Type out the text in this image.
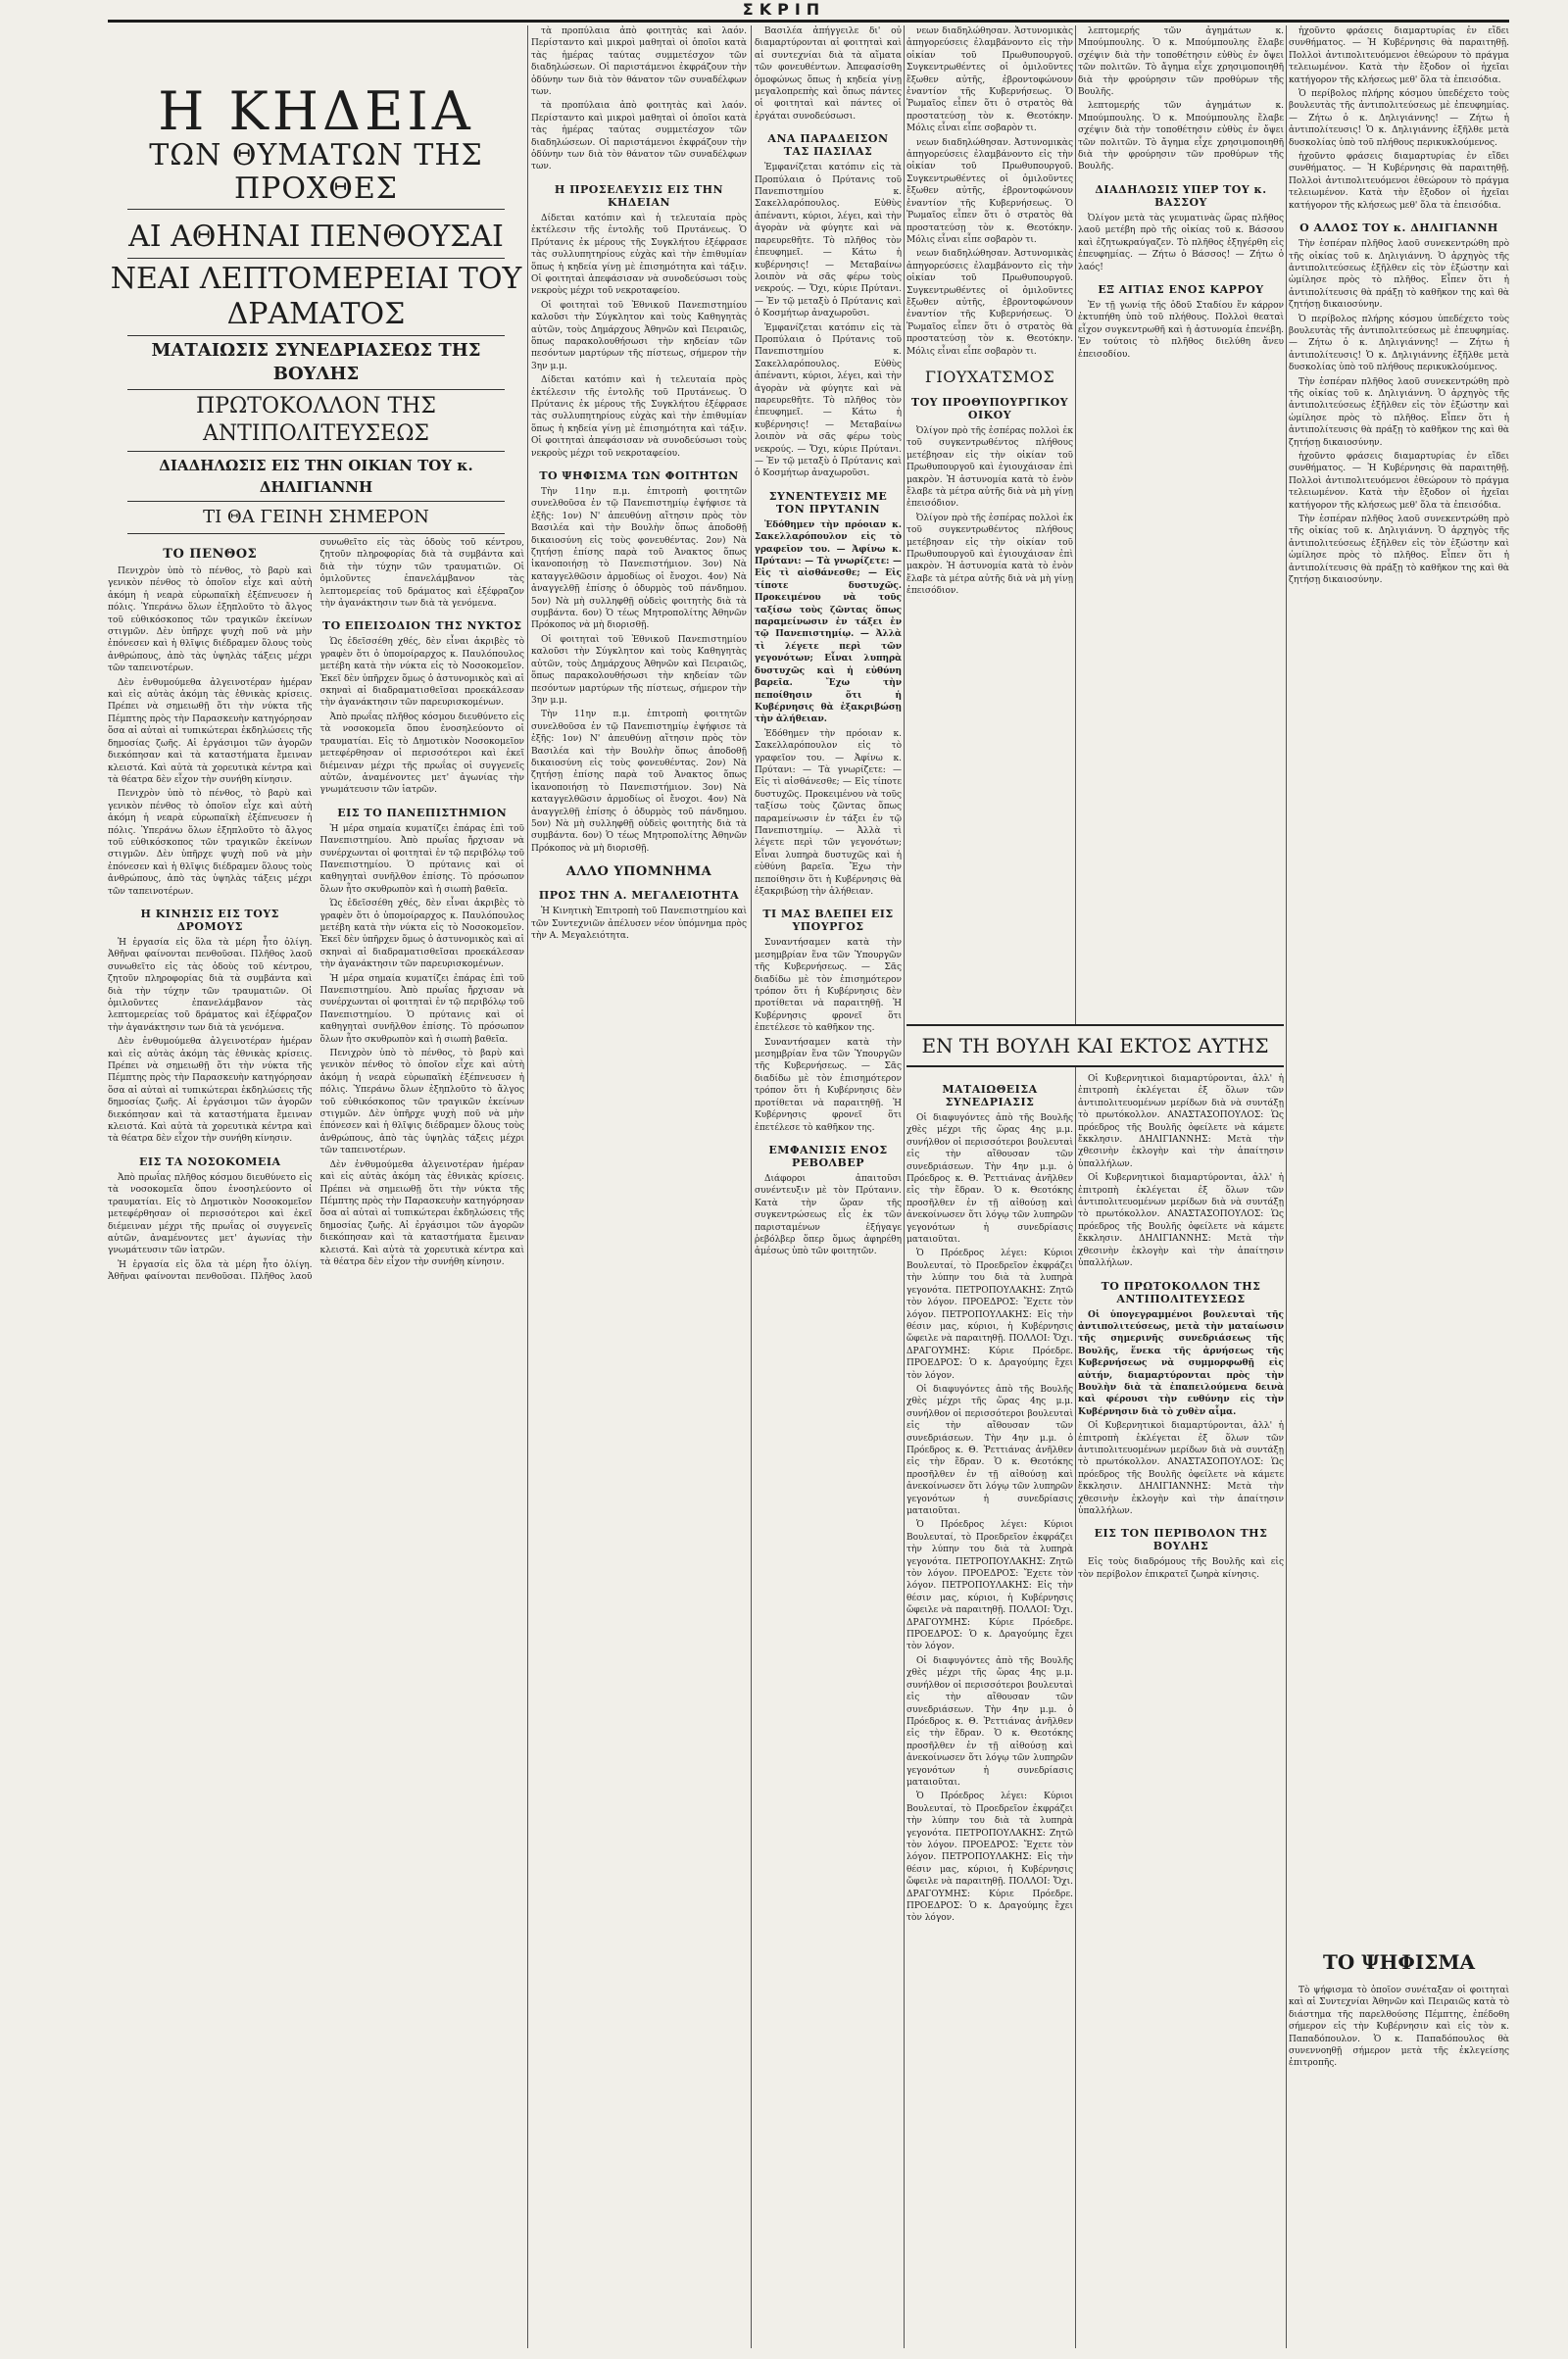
ΣΚΡΙΠ
Η ΚΗΔΕΙΑ
ΤΩΝ ΘΥΜΑΤΩΝ ΤΗΣ ΠΡΟΧΘΕΣ
ΑΙ ΑΘΗΝΑΙ ΠΕΝΘΟΥΣΑΙ
ΝΕΑΙ ΛΕΠΤΟΜΕΡΕΙΑΙ ΤΟΥ ΔΡΑΜΑΤΟΣ
ΜΑΤΑΙΩΣΙΣ ΣΥΝΕΔΡΙΑΣΕΩΣ ΤΗΣ ΒΟΥΛΗΣ
ΠΡΩΤΟΚΟΛΛΟΝ ΤΗΣ ΑΝΤΙΠΟΛΙΤΕΥΣΕΩΣ
ΔΙΑΔΗΛΩΣΙΣ ΕΙΣ ΤΗΝ ΟΙΚΙΑΝ ΤΟΥ κ. ΔΗΛΙΓΙΑΝΝΗ
ΤΙ ΘΑ ΓΕΙΝΗ ΣΗΜΕΡΟΝ
ΤΟ ΠΕΝΘΟΣ

Πενιχρὸν ὑπὸ τὸ πένθος, τὸ βαρὺ καὶ γενικὸν πένθος τὸ ὁποῖον εἶχε καὶ αὐτὴ ἀκόμη ἡ νεαρὰ εὐρωπαϊκὴ ἐξέπνευσεν ἡ πόλις. Ὑπεράνω ὅλων ἐξηπλοῦτο τὸ ἄλγος τοῦ εὐθικόσκοπος τῶν τραγικῶν ἐκείνων στιγμῶν. Δὲν ὑπῆρχε ψυχὴ ποῦ νὰ μὴν ἐπόνεσεν καὶ ἡ θλῖψις διέδραμεν ὅλους τοὺς ἀνθρώπους, ἀπὸ τὰς ὑψηλὰς τάξεις μέχρι τῶν ταπεινοτέρων.

Δὲν ἐνθυμούμεθα ἀλγεινοτέραν ἡμέραν καὶ εἰς αὐτὰς ἀκόμη τὰς ἐθνικὰς κρίσεις. Πρέπει νὰ σημειωθῇ ὅτι τὴν νύκτα τῆς Πέμπτης πρὸς τὴν Παρασκευὴν κατηγόρησαν ὅσα αἱ αὐταὶ αἱ τυπικώτεραι ἐκδηλώσεις τῆς δημοσίας ζωῆς. Αἱ ἐργάσιμοι τῶν ἀγορῶν διεκόπησαν καὶ τὰ καταστήματα ἔμειναν κλειστά. Καὶ αὐτὰ τὰ χορευτικὰ κέντρα καὶ τὰ θέατρα δὲν εἶχον τὴν συνήθη κίνησιν.

Πενιχρὸν ὑπὸ τὸ πένθος, τὸ βαρὺ καὶ γενικὸν πένθος τὸ ὁποῖον εἶχε καὶ αὐτὴ ἀκόμη ἡ νεαρὰ εὐρωπαϊκὴ ἐξέπνευσεν ἡ πόλις. Ὑπεράνω ὅλων ἐξηπλοῦτο τὸ ἄλγος τοῦ εὐθικόσκοπος τῶν τραγικῶν ἐκείνων στιγμῶν. Δὲν ὑπῆρχε ψυχὴ ποῦ νὰ μὴν ἐπόνεσεν καὶ ἡ θλῖψις διέδραμεν ὅλους τοὺς ἀνθρώπους, ἀπὸ τὰς ὑψηλὰς τάξεις μέχρι τῶν ταπεινοτέρων.

Η ΚΙΝΗΣΙΣ ΕΙΣ ΤΟΥΣ ΔΡΟΜΟΥΣ

Ἡ ἐργασία εἰς ὅλα τὰ μέρη ἦτο ὀλίγη. Ἀθῆναι φαίνονται πενθοῦσαι. Πλῆθος λαοῦ συνωθεῖτο εἰς τὰς ὁδοὺς τοῦ κέντρου, ζητοῦν πληροφορίας διὰ τὰ συμβάντα καὶ διὰ τὴν τύχην τῶν τραυματιῶν. Οἱ ὁμιλοῦντες ἐπανελάμβανον τὰς λεπτομερείας τοῦ δράματος καὶ ἐξέφραζον τὴν ἀγανάκτησιν των διὰ τὰ γενόμενα.

Δὲν ἐνθυμούμεθα ἀλγεινοτέραν ἡμέραν καὶ εἰς αὐτὰς ἀκόμη τὰς ἐθνικὰς κρίσεις. Πρέπει νὰ σημειωθῇ ὅτι τὴν νύκτα τῆς Πέμπτης πρὸς τὴν Παρασκευὴν κατηγόρησαν ὅσα αἱ αὐταὶ αἱ τυπικώτεραι ἐκδηλώσεις τῆς δημοσίας ζωῆς. Αἱ ἐργάσιμοι τῶν ἀγορῶν διεκόπησαν καὶ τὰ καταστήματα ἔμειναν κλειστά. Καὶ αὐτὰ τὰ χορευτικὰ κέντρα καὶ τὰ θέατρα δὲν εἶχον τὴν συνήθη κίνησιν.

ΕΙΣ ΤΑ ΝΟΣΟΚΟΜΕΙΑ

Ἀπὸ πρωΐας πλῆθος κόσμου διευθύνετο εἰς τὰ νοσοκομεῖα ὅπου ἐνοσηλεύοντο οἱ τραυματίαι. Εἰς τὸ Δημοτικὸν Νοσοκομεῖον μετεφέρθησαν οἱ περισσότεροι καὶ ἐκεῖ διέμειναν μέχρι τῆς πρωΐας οἱ συγγενεῖς αὐτῶν, ἀναμένοντες μετ' ἀγωνίας τὴν γνωμάτευσιν τῶν ἰατρῶν.

Ἡ ἐργασία εἰς ὅλα τὰ μέρη ἦτο ὀλίγη. Ἀθῆναι φαίνονται πενθοῦσαι. Πλῆθος λαοῦ συνωθεῖτο εἰς τὰς ὁδοὺς τοῦ κέντρου, ζητοῦν πληροφορίας διὰ τὰ συμβάντα καὶ διὰ τὴν τύχην τῶν τραυματιῶν. Οἱ ὁμιλοῦντες ἐπανελάμβανον τὰς λεπτομερείας τοῦ δράματος καὶ ἐξέφραζον τὴν ἀγανάκτησιν των διὰ τὰ γενόμενα.

ΤΟ ΕΠΕΙΣΟΔΙΟΝ ΤΗΣ ΝΥΚΤΟΣ

Ὡς ἐδεῖσσέθη χθές, δὲν εἶναι ἀκριβὲς τὸ γραφὲν ὅτι ὁ ὑπομοίραρχος κ. Παυλόπουλος μετέβη κατὰ τὴν νύκτα εἰς τὸ Νοσοκομεῖον. Ἐκεῖ δὲν ὑπῆρχεν ὅμως ὁ ἀστυνομικὸς καὶ αἱ σκηναὶ αἱ διαδραματισθεῖσαι προεκάλεσαν τὴν ἀγανάκτησιν τῶν παρευρισκομένων.

Ἀπὸ πρωΐας πλῆθος κόσμου διευθύνετο εἰς τὰ νοσοκομεῖα ὅπου ἐνοσηλεύοντο οἱ τραυματίαι. Εἰς τὸ Δημοτικὸν Νοσοκομεῖον μετεφέρθησαν οἱ περισσότεροι καὶ ἐκεῖ διέμειναν μέχρι τῆς πρωΐας οἱ συγγενεῖς αὐτῶν, ἀναμένοντες μετ' ἀγωνίας τὴν γνωμάτευσιν τῶν ἰατρῶν.

ΕΙΣ ΤΟ ΠΑΝΕΠΙΣΤΗΜΙΟΝ

Ἡ μέρα σημαία κυματίζει ἐπάρας ἐπὶ τοῦ Πανεπιστημίου. Ἀπὸ πρωΐας ἤρχισαν νὰ συνέρχωνται οἱ φοιτηταὶ ἐν τῷ περιβόλῳ τοῦ Πανεπιστημίου. Ὁ πρύτανις καὶ οἱ καθηγηταὶ συνῆλθον ἐπίσης. Τὸ πρόσωπον ὅλων ἦτο σκυθρωπὸν καὶ ἡ σιωπὴ βαθεῖα.

Ὡς ἐδεῖσσέθη χθές, δὲν εἶναι ἀκριβὲς τὸ γραφὲν ὅτι ὁ ὑπομοίραρχος κ. Παυλόπουλος μετέβη κατὰ τὴν νύκτα εἰς τὸ Νοσοκομεῖον. Ἐκεῖ δὲν ὑπῆρχεν ὅμως ὁ ἀστυνομικὸς καὶ αἱ σκηναὶ αἱ διαδραματισθεῖσαι προεκάλεσαν τὴν ἀγανάκτησιν τῶν παρευρισκομένων.

Ἡ μέρα σημαία κυματίζει ἐπάρας ἐπὶ τοῦ Πανεπιστημίου. Ἀπὸ πρωΐας ἤρχισαν νὰ συνέρχωνται οἱ φοιτηταὶ ἐν τῷ περιβόλῳ τοῦ Πανεπιστημίου. Ὁ πρύτανις καὶ οἱ καθηγηταὶ συνῆλθον ἐπίσης. Τὸ πρόσωπον ὅλων ἦτο σκυθρωπὸν καὶ ἡ σιωπὴ βαθεῖα.

Πενιχρὸν ὑπὸ τὸ πένθος, τὸ βαρὺ καὶ γενικὸν πένθος τὸ ὁποῖον εἶχε καὶ αὐτὴ ἀκόμη ἡ νεαρὰ εὐρωπαϊκὴ ἐξέπνευσεν ἡ πόλις. Ὑπεράνω ὅλων ἐξηπλοῦτο τὸ ἄλγος τοῦ εὐθικόσκοπος τῶν τραγικῶν ἐκείνων στιγμῶν. Δὲν ὑπῆρχε ψυχὴ ποῦ νὰ μὴν ἐπόνεσεν καὶ ἡ θλῖψις διέδραμεν ὅλους τοὺς ἀνθρώπους, ἀπὸ τὰς ὑψηλὰς τάξεις μέχρι τῶν ταπεινοτέρων.

Δὲν ἐνθυμούμεθα ἀλγεινοτέραν ἡμέραν καὶ εἰς αὐτὰς ἀκόμη τὰς ἐθνικὰς κρίσεις. Πρέπει νὰ σημειωθῇ ὅτι τὴν νύκτα τῆς Πέμπτης πρὸς τὴν Παρασκευὴν κατηγόρησαν ὅσα αἱ αὐταὶ αἱ τυπικώτεραι ἐκδηλώσεις τῆς δημοσίας ζωῆς. Αἱ ἐργάσιμοι τῶν ἀγορῶν διεκόπησαν καὶ τὰ καταστήματα ἔμειναν κλειστά. Καὶ αὐτὰ τὰ χορευτικὰ κέντρα καὶ τὰ θέατρα δὲν εἶχον τὴν συνήθη κίνησιν.

τὰ προπύλαια ἀπὸ φοιτητὰς καὶ λαόν. Περίσταντο καὶ μικροὶ μαθηταὶ οἱ ὁποῖοι κατὰ τὰς ἡμέρας ταύτας συμμετέσχον τῶν διαδηλώσεων. Οἱ παριστάμενοι ἐκφράζουν τὴν ὀδύνην των διὰ τὸν θάνατον τῶν συναδέλφων των.

τὰ προπύλαια ἀπὸ φοιτητὰς καὶ λαόν. Περίσταντο καὶ μικροὶ μαθηταὶ οἱ ὁποῖοι κατὰ τὰς ἡμέρας ταύτας συμμετέσχον τῶν διαδηλώσεων. Οἱ παριστάμενοι ἐκφράζουν τὴν ὀδύνην των διὰ τὸν θάνατον τῶν συναδέλφων των.

Η ΠΡΟΣΕΛΕΥΣΙΣ ΕΙΣ ΤΗΝ ΚΗΔΕΙΑΝ

Δίδεται κατόπιν καὶ ἡ τελευταία πρὸς ἐκτέλεσιν τῆς ἐντολῆς τοῦ Πρυτάνεως. Ὁ Πρύτανις ἐκ μέρους τῆς Συγκλήτου ἐξέφρασε τὰς συλλυπητηρίους εὐχὰς καὶ τὴν ἐπιθυμίαν ὅπως ἡ κηδεία γίνῃ μὲ ἐπισημότητα καὶ τάξιν. Οἱ φοιτηταὶ ἀπεφάσισαν νὰ συνοδεύσωσι τοὺς νεκροὺς μέχρι τοῦ νεκροταφείου.

Οἱ φοιτηταὶ τοῦ Ἐθνικοῦ Πανεπιστημίου καλοῦσι τὴν Σύγκλητον καὶ τοὺς Καθηγητὰς αὐτῶν, τοὺς Δημάρχους Ἀθηνῶν καὶ Πειραιῶς, ὅπως παρακολουθήσωσι τὴν κηδείαν τῶν πεσόντων μαρτύρων τῆς πίστεως, σήμερον τὴν 3ην μ.μ.

Δίδεται κατόπιν καὶ ἡ τελευταία πρὸς ἐκτέλεσιν τῆς ἐντολῆς τοῦ Πρυτάνεως. Ὁ Πρύτανις ἐκ μέρους τῆς Συγκλήτου ἐξέφρασε τὰς συλλυπητηρίους εὐχὰς καὶ τὴν ἐπιθυμίαν ὅπως ἡ κηδεία γίνῃ μὲ ἐπισημότητα καὶ τάξιν. Οἱ φοιτηταὶ ἀπεφάσισαν νὰ συνοδεύσωσι τοὺς νεκροὺς μέχρι τοῦ νεκροταφείου.

ΤΟ ΨΗΦΙΣΜΑ ΤΩΝ ΦΟΙΤΗΤΩΝ

Τὴν 11ην π.μ. ἐπιτροπὴ φοιτητῶν συνελθοῦσα ἐν τῷ Πανεπιστημίῳ ἐψήφισε τὰ ἑξῆς: 1ον) Ν' ἀπευθύνῃ αἴτησιν πρὸς τὸν Βασιλέα καὶ τὴν Βουλὴν ὅπως ἀποδοθῇ δικαιοσύνη εἰς τοὺς φονευθέντας. 2ον) Νὰ ζητήσῃ ἐπίσης παρὰ τοῦ Ἀνακτος ὅπως ἱκανοποιήσῃ τὸ Πανεπιστήμιον. 3ον) Νὰ καταγγελθῶσιν ἀρμοδίως οἱ ἔνοχοι. 4ον) Νὰ ἀναγγελθῇ ἐπίσης ὁ ὁδυρμὸς τοῦ πάνδημου. 5ον) Νὰ μὴ συλληφθῇ οὐδεὶς φοιτητὴς διὰ τὰ συμβάντα. 6ον) Ὁ τέως Μητροπολίτης Ἀθηνῶν Πρόκοπος νὰ μὴ διορισθῇ.

Οἱ φοιτηταὶ τοῦ Ἐθνικοῦ Πανεπιστημίου καλοῦσι τὴν Σύγκλητον καὶ τοὺς Καθηγητὰς αὐτῶν, τοὺς Δημάρχους Ἀθηνῶν καὶ Πειραιῶς, ὅπως παρακολουθήσωσι τὴν κηδείαν τῶν πεσόντων μαρτύρων τῆς πίστεως, σήμερον τὴν 3ην μ.μ.

Τὴν 11ην π.μ. ἐπιτροπὴ φοιτητῶν συνελθοῦσα ἐν τῷ Πανεπιστημίῳ ἐψήφισε τὰ ἑξῆς: 1ον) Ν' ἀπευθύνῃ αἴτησιν πρὸς τὸν Βασιλέα καὶ τὴν Βουλὴν ὅπως ἀποδοθῇ δικαιοσύνη εἰς τοὺς φονευθέντας. 2ον) Νὰ ζητήσῃ ἐπίσης παρὰ τοῦ Ἀνακτος ὅπως ἱκανοποιήσῃ τὸ Πανεπιστήμιον. 3ον) Νὰ καταγγελθῶσιν ἀρμοδίως οἱ ἔνοχοι. 4ον) Νὰ ἀναγγελθῇ ἐπίσης ὁ ὁδυρμὸς τοῦ πάνδημου. 5ον) Νὰ μὴ συλληφθῇ οὐδεὶς φοιτητὴς διὰ τὰ συμβάντα. 6ον) Ὁ τέως Μητροπολίτης Ἀθηνῶν Πρόκοπος νὰ μὴ διορισθῇ.

ΑΛΛΟ ΥΠΟΜΝΗΜΑ
ΠΡΟΣ ΤΗΝ Α. ΜΕΓΑΛΕΙΟΤΗΤΑ

Ἡ Κινητικὴ Ἐπιτροπὴ τοῦ Πανεπιστημίου καὶ τῶν Συντεχνιῶν ἀπέλυσεν νέον ὑπόμνημα πρὸς τὴν Α. Μεγαλειότητα.

Βασιλέα ἀπήγγειλε δι' οὐ διαμαρτύρονται αἱ φοιτηταὶ καὶ αἱ συντεχνίαι διὰ τὰ αἵματα τῶν φονευθέντων. Ἀπεφασίσθη ὁμοφώνως ὅπως ἡ κηδεία γίνῃ μεγαλοπρεπὴς καὶ ὅπως πάντες οἱ φοιτηταὶ καὶ πάντες οἱ ἐργάται συνοδεύσωσι.

ΑΝΑ ΠΑΡΑΔΕΙΣΟΝ ΤΑΣ ΠΑΣΙΛΑΣ

Ἐμφανίζεται κατόπιν εἰς τὰ Προπύλαια ὁ Πρύτανις τοῦ Πανεπιστημίου κ. Σακελλαρόπουλος. Εὐθὺς ἀπέναντι, κύριοι, λέγει, καὶ τὴν ἀγορὰν νὰ φύγητε καὶ νὰ παρευρεθῆτε. Τὸ πλῆθος τὸν ἐπευφημεῖ. — Κάτω ἡ κυβέρνησις! — Μεταβαίνω λοιπὸν νὰ σᾶς φέρω τοὺς νεκρούς. — Ὄχι, κύριε Πρύτανι. — Ἐν τῷ μεταξὺ ὁ Πρύτανις καὶ ὁ Κοσμήτωρ ἀναχωροῦσι.

Ἐμφανίζεται κατόπιν εἰς τὰ Προπύλαια ὁ Πρύτανις τοῦ Πανεπιστημίου κ. Σακελλαρόπουλος. Εὐθὺς ἀπέναντι, κύριοι, λέγει, καὶ τὴν ἀγορὰν νὰ φύγητε καὶ νὰ παρευρεθῆτε. Τὸ πλῆθος τὸν ἐπευφημεῖ. — Κάτω ἡ κυβέρνησις! — Μεταβαίνω λοιπὸν νὰ σᾶς φέρω τοὺς νεκρούς. — Ὄχι, κύριε Πρύτανι. — Ἐν τῷ μεταξὺ ὁ Πρύτανις καὶ ὁ Κοσμήτωρ ἀναχωροῦσι.

ΣΥΝΕΝΤΕΥΞΙΣ ΜΕ ΤΟΝ ΠΡΥΤΑΝΙΝ

Ἐδόθημεν τὴν πρόοιαν κ. Σακελλαρόπουλον εἰς τὸ γραφεῖον του. — Ἀφίνω κ. Πρύτανι: — Τὰ γνωρίζετε: — Εἰς τὶ αἰσθάνεσθε; — Εἰς τίποτε δυστυχῶς. Προκειμένου νὰ τοῦς ταξίσω τοὺς ζῶντας ὅπως παραμείνωσιν ἐν τάξει ἐν τῷ Πανεπιστημίῳ. — Ἀλλὰ τὶ λέγετε περὶ τῶν γεγονότων; Εἶναι λυπηρὰ δυστυχῶς καὶ ἡ εὐθύνη βαρεῖα. Ἔχω τὴν πεποίθησιν ὅτι ἡ Κυβέρνησις θὰ ἐξακριβώσῃ τὴν ἀλήθειαν.

Ἐδόθημεν τὴν πρόοιαν κ. Σακελλαρόπουλον εἰς τὸ γραφεῖον του. — Ἀφίνω κ. Πρύτανι: — Τὰ γνωρίζετε: — Εἰς τὶ αἰσθάνεσθε; — Εἰς τίποτε δυστυχῶς. Προκειμένου νὰ τοῦς ταξίσω τοὺς ζῶντας ὅπως παραμείνωσιν ἐν τάξει ἐν τῷ Πανεπιστημίῳ. — Ἀλλὰ τὶ λέγετε περὶ τῶν γεγονότων; Εἶναι λυπηρὰ δυστυχῶς καὶ ἡ εὐθύνη βαρεῖα. Ἔχω τὴν πεποίθησιν ὅτι ἡ Κυβέρνησις θὰ ἐξακριβώσῃ τὴν ἀλήθειαν.

ΤΙ ΜΑΣ ΒΛΕΠΕΙ ΕΙΣ ΥΠΟΥΡΓΟΣ

Συναντήσαμεν κατὰ τὴν μεσημβρίαν ἕνα τῶν Ὑπουργῶν τῆς Κυβερνήσεως. — Σᾶς διαδίδω μὲ τὸν ἐπισημότερον τρόπον ὅτι ἡ Κυβέρνησις δὲν προτίθεται νὰ παραιτηθῇ. Ἡ Κυβέρνησις φρονεῖ ὅτι ἐπετέλεσε τὸ καθῆκον της.

Συναντήσαμεν κατὰ τὴν μεσημβρίαν ἕνα τῶν Ὑπουργῶν τῆς Κυβερνήσεως. — Σᾶς διαδίδω μὲ τὸν ἐπισημότερον τρόπον ὅτι ἡ Κυβέρνησις δὲν προτίθεται νὰ παραιτηθῇ. Ἡ Κυβέρνησις φρονεῖ ὅτι ἐπετέλεσε τὸ καθῆκον της.

ΕΜΦΑΝΙΣΙΣ ΕΝΟΣ ΡΕΒΟΛΒΕΡ

Διάφοροι ἀπαιτοῦσι συνέντευξιν μὲ τὸν Πρύτανιν. Κατὰ τὴν ὥραν τῆς συγκεντρώσεως εἷς ἐκ τῶν παρισταμένων ἐξήγαγε ῥεβόλβερ ὅπερ ὅμως ἀφηρέθη ἀμέσως ὑπὸ τῶν φοιτητῶν.

νεων διαδηλώθησαν. Ἀστυνομικὰς ἀπηγορεύσεις ἐλαμβάνοντο εἰς τὴν οἰκίαν τοῦ Πρωθυπουργοῦ. Συγκεντρωθέντες οἱ ὁμιλοῦντες ἔξωθεν αὐτῆς, ἐβροντοφώνουν ἐναντίον τῆς Κυβερνήσεως. Ὁ Ῥωμαῖος εἶπεν ὅτι ὁ στρατὸς θὰ προστατεύσῃ τὸν κ. Θεοτόκην. Μόλις εἶναι εἶπε σοβαρὸν τι.

νεων διαδηλώθησαν. Ἀστυνομικὰς ἀπηγορεύσεις ἐλαμβάνοντο εἰς τὴν οἰκίαν τοῦ Πρωθυπουργοῦ. Συγκεντρωθέντες οἱ ὁμιλοῦντες ἔξωθεν αὐτῆς, ἐβροντοφώνουν ἐναντίον τῆς Κυβερνήσεως. Ὁ Ῥωμαῖος εἶπεν ὅτι ὁ στρατὸς θὰ προστατεύσῃ τὸν κ. Θεοτόκην. Μόλις εἶναι εἶπε σοβαρὸν τι.

νεων διαδηλώθησαν. Ἀστυνομικὰς ἀπηγορεύσεις ἐλαμβάνοντο εἰς τὴν οἰκίαν τοῦ Πρωθυπουργοῦ. Συγκεντρωθέντες οἱ ὁμιλοῦντες ἔξωθεν αὐτῆς, ἐβροντοφώνουν ἐναντίον τῆς Κυβερνήσεως. Ὁ Ῥωμαῖος εἶπεν ὅτι ὁ στρατὸς θὰ προστατεύσῃ τὸν κ. Θεοτόκην. Μόλις εἶναι εἶπε σοβαρὸν τι.

ΓΙΟΥΧΑΤΣΜΟΣ
ΤΟΥ ΠΡΟΘΥΠΟΥΡΓΙΚΟΥ ΟΙΚΟΥ

Ὀλίγον πρὸ τῆς ἑσπέρας πολλοὶ ἐκ τοῦ συγκεντρωθέντος πλήθους μετέβησαν εἰς τὴν οἰκίαν τοῦ Πρωθυπουργοῦ καὶ ἐγιουχάισαν ἐπὶ μακρὸν. Ἡ ἀστυνομία κατὰ τὸ ἐνὸν ἔλαβε τὰ μέτρα αὐτῆς διὰ νὰ μὴ γίνῃ ἐπεισόδιον.

Ὀλίγον πρὸ τῆς ἑσπέρας πολλοὶ ἐκ τοῦ συγκεντρωθέντος πλήθους μετέβησαν εἰς τὴν οἰκίαν τοῦ Πρωθυπουργοῦ καὶ ἐγιουχάισαν ἐπὶ μακρὸν. Ἡ ἀστυνομία κατὰ τὸ ἐνὸν ἔλαβε τὰ μέτρα αὐτῆς διὰ νὰ μὴ γίνῃ ἐπεισόδιον.

ΜΑΤΑΙΩΘΕΙΣΑ ΣΥΝΕΔΡΙΑΣΙΣ

Οἱ διαφυγόντες ἀπὸ τῆς Βουλῆς χθὲς μέχρι τῆς ὥρας 4ης μ.μ. συνήλθον οἱ περισσότεροι βουλευταὶ εἰς τὴν αἴθουσαν τῶν συνεδριάσεων. Τὴν 4ην μ.μ. ὁ Πρόεδρος κ. Θ. Ῥεττιάνας ἀνῆλθεν εἰς τὴν ἕδραν. Ὁ κ. Θεοτόκης προσῆλθεν ἐν τῇ αἰθούσῃ καὶ ἀνεκοίνωσεν ὅτι λόγῳ τῶν λυπηρῶν γεγονότων ἡ συνεδρίασις ματαιοῦται.

Ὁ Πρόεδρος λέγει: Κύριοι Βουλευταί, τὸ Προεδρεῖον ἐκφράζει τὴν λύπην του διὰ τὰ λυπηρὰ γεγονότα. ΠΕΤΡΟΠΟΥΛΑΚΗΣ: Ζητῶ τὸν λόγον. ΠΡΟΕΔΡΟΣ: Ἔχετε τὸν λόγον. ΠΕΤΡΟΠΟΥΛΑΚΗΣ: Εἰς τὴν θέσιν μας, κύριοι, ἡ Κυβέρνησις ὤφειλε νὰ παραιτηθῇ. ΠΟΛΛΟΙ: Ὄχι. ΔΡΑΓΟΥΜΗΣ: Κύριε Πρόεδρε. ΠΡΟΕΔΡΟΣ: Ὁ κ. Δραγούμης ἔχει τὸν λόγον.

Οἱ διαφυγόντες ἀπὸ τῆς Βουλῆς χθὲς μέχρι τῆς ὥρας 4ης μ.μ. συνήλθον οἱ περισσότεροι βουλευταὶ εἰς τὴν αἴθουσαν τῶν συνεδριάσεων. Τὴν 4ην μ.μ. ὁ Πρόεδρος κ. Θ. Ῥεττιάνας ἀνῆλθεν εἰς τὴν ἕδραν. Ὁ κ. Θεοτόκης προσῆλθεν ἐν τῇ αἰθούσῃ καὶ ἀνεκοίνωσεν ὅτι λόγῳ τῶν λυπηρῶν γεγονότων ἡ συνεδρίασις ματαιοῦται.

Ὁ Πρόεδρος λέγει: Κύριοι Βουλευταί, τὸ Προεδρεῖον ἐκφράζει τὴν λύπην του διὰ τὰ λυπηρὰ γεγονότα. ΠΕΤΡΟΠΟΥΛΑΚΗΣ: Ζητῶ τὸν λόγον. ΠΡΟΕΔΡΟΣ: Ἔχετε τὸν λόγον. ΠΕΤΡΟΠΟΥΛΑΚΗΣ: Εἰς τὴν θέσιν μας, κύριοι, ἡ Κυβέρνησις ὤφειλε νὰ παραιτηθῇ. ΠΟΛΛΟΙ: Ὄχι. ΔΡΑΓΟΥΜΗΣ: Κύριε Πρόεδρε. ΠΡΟΕΔΡΟΣ: Ὁ κ. Δραγούμης ἔχει τὸν λόγον.

Οἱ διαφυγόντες ἀπὸ τῆς Βουλῆς χθὲς μέχρι τῆς ὥρας 4ης μ.μ. συνήλθον οἱ περισσότεροι βουλευταὶ εἰς τὴν αἴθουσαν τῶν συνεδριάσεων. Τὴν 4ην μ.μ. ὁ Πρόεδρος κ. Θ. Ῥεττιάνας ἀνῆλθεν εἰς τὴν ἕδραν. Ὁ κ. Θεοτόκης προσῆλθεν ἐν τῇ αἰθούσῃ καὶ ἀνεκοίνωσεν ὅτι λόγῳ τῶν λυπηρῶν γεγονότων ἡ συνεδρίασις ματαιοῦται.

Ὁ Πρόεδρος λέγει: Κύριοι Βουλευταί, τὸ Προεδρεῖον ἐκφράζει τὴν λύπην του διὰ τὰ λυπηρὰ γεγονότα. ΠΕΤΡΟΠΟΥΛΑΚΗΣ: Ζητῶ τὸν λόγον. ΠΡΟΕΔΡΟΣ: Ἔχετε τὸν λόγον. ΠΕΤΡΟΠΟΥΛΑΚΗΣ: Εἰς τὴν θέσιν μας, κύριοι, ἡ Κυβέρνησις ὤφειλε νὰ παραιτηθῇ. ΠΟΛΛΟΙ: Ὄχι. ΔΡΑΓΟΥΜΗΣ: Κύριε Πρόεδρε. ΠΡΟΕΔΡΟΣ: Ὁ κ. Δραγούμης ἔχει τὸν λόγον.

λεπτομερής τῶν ἀγημάτων κ. Μπούμπουλης. Ὁ κ. Μπούμπουλης ἔλαβε σχέψιν διὰ τὴν τοποθέτησιν εὐθὺς ἐν ὄψει τῶν πολιτῶν. Τὸ ἄγημα εἶχε χρησιμοποιηθῆ διὰ τὴν φρούρησιν τῶν προθύρων τῆς Βουλῆς.

λεπτομερής τῶν ἀγημάτων κ. Μπούμπουλης. Ὁ κ. Μπούμπουλης ἔλαβε σχέψιν διὰ τὴν τοποθέτησιν εὐθὺς ἐν ὄψει τῶν πολιτῶν. Τὸ ἄγημα εἶχε χρησιμοποιηθῆ διὰ τὴν φρούρησιν τῶν προθύρων τῆς Βουλῆς.

ΔΙΑΔΗΛΩΣΙΣ ΥΠΕΡ ΤΟΥ κ. ΒΑΣΣΟΥ

Ὀλίγον μετὰ τὰς γευματινὰς ὥρας πλῆθος λαοῦ μετέβη πρὸ τῆς οἰκίας τοῦ κ. Βάσσου καὶ ἐζητωκραύγαζεν. Τὸ πλῆθος ἐξηγέρθη εἰς ἐπευφημίας. — Ζήτω ὁ Βάσσος! — Ζήτω ὁ λαός!

ΕΞ ΑΙΤΙΑΣ ΕΝΟΣ ΚΑΡΡΟΥ

Ἐν τῇ γωνίᾳ τῆς ὁδοῦ Σταδίου ἕν κάρρον ἐκτυπήθη ὑπὸ τοῦ πλήθους. Πολλοὶ θεαταὶ εἶχον συγκεντρωθῆ καὶ ἡ ἀστυνομία ἐπενέβη. Ἐν τούτοις τὸ πλῆθος διελύθη ἄνευ ἐπεισοδίου.

Οἱ Κυβερνητικοὶ διαμαρτύρονται, ἀλλ' ἡ ἐπιτροπὴ ἐκλέγεται ἐξ ὅλων τῶν ἀντιπολιτευομένων μερίδων διὰ νὰ συντάξῃ τὸ πρωτόκολλον. ΑΝΑΣΤΑΣΟΠΟΥΛΟΣ: Ὡς πρόεδρος τῆς Βουλῆς ὀφείλετε νὰ κάμετε ἔκκλησιν. ΔΗΛΙΓΙΑΝΝΗΣ: Μετὰ τὴν χθεσινὴν ἐκλογὴν καὶ τὴν ἀπαίτησιν ὑπαλλήλων.

Οἱ Κυβερνητικοὶ διαμαρτύρονται, ἀλλ' ἡ ἐπιτροπὴ ἐκλέγεται ἐξ ὅλων τῶν ἀντιπολιτευομένων μερίδων διὰ νὰ συντάξῃ τὸ πρωτόκολλον. ΑΝΑΣΤΑΣΟΠΟΥΛΟΣ: Ὡς πρόεδρος τῆς Βουλῆς ὀφείλετε νὰ κάμετε ἔκκλησιν. ΔΗΛΙΓΙΑΝΝΗΣ: Μετὰ τὴν χθεσινὴν ἐκλογὴν καὶ τὴν ἀπαίτησιν ὑπαλλήλων.

ΤΟ ΠΡΩΤΟΚΟΛΛΟΝ ΤΗΣ ΑΝΤΙΠΟΛΙΤΕΥΣΕΩΣ

Οἱ ὑπογεγραμμένοι βουλευταὶ τῆς ἀντιπολιτεύσεως, μετὰ τὴν ματαίωσιν τῆς σημερινῆς συνεδριάσεως τῆς Βουλῆς, ἕνεκα τῆς ἀρνήσεως τῆς Κυβερνήσεως νὰ συμμορφωθῇ εἰς αὐτήν, διαμαρτύρονται πρὸς τὴν Βουλὴν διὰ τὰ ἐπαπειλούμενα δεινὰ καὶ φέρουσι τὴν ευθύνην εἰς τὴν Κυβέρνησιν διὰ τὸ χυθὲν αἷμα.

Οἱ Κυβερνητικοὶ διαμαρτύρονται, ἀλλ' ἡ ἐπιτροπὴ ἐκλέγεται ἐξ ὅλων τῶν ἀντιπολιτευομένων μερίδων διὰ νὰ συντάξῃ τὸ πρωτόκολλον. ΑΝΑΣΤΑΣΟΠΟΥΛΟΣ: Ὡς πρόεδρος τῆς Βουλῆς ὀφείλετε νὰ κάμετε ἔκκλησιν. ΔΗΛΙΓΙΑΝΝΗΣ: Μετὰ τὴν χθεσινὴν ἐκλογὴν καὶ τὴν ἀπαίτησιν ὑπαλλήλων.

ΕΙΣ ΤΟΝ ΠΕΡΙΒΟΛΟΝ ΤΗΣ ΒΟΥΛΗΣ

Εἰς τοὺς διαδρόμους τῆς Βουλῆς καὶ εἰς τὸν περίβολον ἐπικρατεῖ ζωηρὰ κίνησις.

ΕΝ ΤΗ ΒΟΥΛΗ ΚΑΙ ΕΚΤΟΣ ΑΥΤΗΣ

ἠχοῦντο φράσεις διαμαρτυρίας ἐν εἴδει συνθήματος. — Ἡ Κυβέρνησις θὰ παραιτηθῇ. Πολλοὶ ἀντιπολιτευόμενοι ἐθεώρουν τὸ πράγμα τελειωμένον. Κατὰ τὴν ἔξοδον οἱ ἠχεῖαι κατήγορον τῆς κλήσεως μεθ' ὅλα τὰ ἐπεισόδια.

Ὁ περίβολος πλήρης κόσμου ὑπεδέχετο τοὺς βουλευτὰς τῆς ἀντιπολιτεύσεως μὲ ἐπευφημίας. — Ζήτω ὁ κ. Δηλιγιάννης! — Ζήτω ἡ ἀντιπολίτευσις! Ὁ κ. Δηλιγιάννης ἐξῆλθε μετὰ δυσκολίας ὑπὸ τοῦ πλήθους περικυκλούμενος.

ἠχοῦντο φράσεις διαμαρτυρίας ἐν εἴδει συνθήματος. — Ἡ Κυβέρνησις θὰ παραιτηθῇ. Πολλοὶ ἀντιπολιτευόμενοι ἐθεώρουν τὸ πράγμα τελειωμένον. Κατὰ τὴν ἔξοδον οἱ ἠχεῖαι κατήγορον τῆς κλήσεως μεθ' ὅλα τὰ ἐπεισόδια.

Ο ΑΛΛΟΣ ΤΟΥ κ. ΔΗΛΙΓΙΑΝΝΗ

Τὴν ἑσπέραν πλῆθος λαοῦ συνεκεντρώθη πρὸ τῆς οἰκίας τοῦ κ. Δηλιγιάννη. Ὁ ἀρχηγὸς τῆς ἀντιπολιτεύσεως ἐξῆλθεν εἰς τὸν ἐξώστην καὶ ὡμίλησε πρὸς τὸ πλῆθος. Εἶπεν ὅτι ἡ ἀντιπολίτευσις θὰ πράξῃ τὸ καθῆκον της καὶ θὰ ζητήσῃ δικαιοσύνην.

Ὁ περίβολος πλήρης κόσμου ὑπεδέχετο τοὺς βουλευτὰς τῆς ἀντιπολιτεύσεως μὲ ἐπευφημίας. — Ζήτω ὁ κ. Δηλιγιάννης! — Ζήτω ἡ ἀντιπολίτευσις! Ὁ κ. Δηλιγιάννης ἐξῆλθε μετὰ δυσκολίας ὑπὸ τοῦ πλήθους περικυκλούμενος.

Τὴν ἑσπέραν πλῆθος λαοῦ συνεκεντρώθη πρὸ τῆς οἰκίας τοῦ κ. Δηλιγιάννη. Ὁ ἀρχηγὸς τῆς ἀντιπολιτεύσεως ἐξῆλθεν εἰς τὸν ἐξώστην καὶ ὡμίλησε πρὸς τὸ πλῆθος. Εἶπεν ὅτι ἡ ἀντιπολίτευσις θὰ πράξῃ τὸ καθῆκον της καὶ θὰ ζητήσῃ δικαιοσύνην.

ἠχοῦντο φράσεις διαμαρτυρίας ἐν εἴδει συνθήματος. — Ἡ Κυβέρνησις θὰ παραιτηθῇ. Πολλοὶ ἀντιπολιτευόμενοι ἐθεώρουν τὸ πράγμα τελειωμένον. Κατὰ τὴν ἔξοδον οἱ ἠχεῖαι κατήγορον τῆς κλήσεως μεθ' ὅλα τὰ ἐπεισόδια.

Τὴν ἑσπέραν πλῆθος λαοῦ συνεκεντρώθη πρὸ τῆς οἰκίας τοῦ κ. Δηλιγιάννη. Ὁ ἀρχηγὸς τῆς ἀντιπολιτεύσεως ἐξῆλθεν εἰς τὸν ἐξώστην καὶ ὡμίλησε πρὸς τὸ πλῆθος. Εἶπεν ὅτι ἡ ἀντιπολίτευσις θὰ πράξῃ τὸ καθῆκον της καὶ θὰ ζητήσῃ δικαιοσύνην.

ΤΟ ΨΗΦΙΣΜΑ

Τὸ ψήφισμα τὸ ὁποῖον συνέταξαν οἱ φοιτηταὶ καὶ αἱ Συντεχνίαι Ἀθηνῶν καὶ Πειραιῶς κατὰ τὸ διάστημα τῆς παρελθούσης Πέμπτης, ἐπέδοθη σήμερον εἰς τὴν Κυβέρνησιν καὶ εἰς τὸν κ. Παπαδόπουλον. Ὁ κ. Παπαδόπουλος θὰ συνεννοηθῇ σήμερον μετὰ τῆς ἐκλεγείσης ἐπιτροπῆς.
